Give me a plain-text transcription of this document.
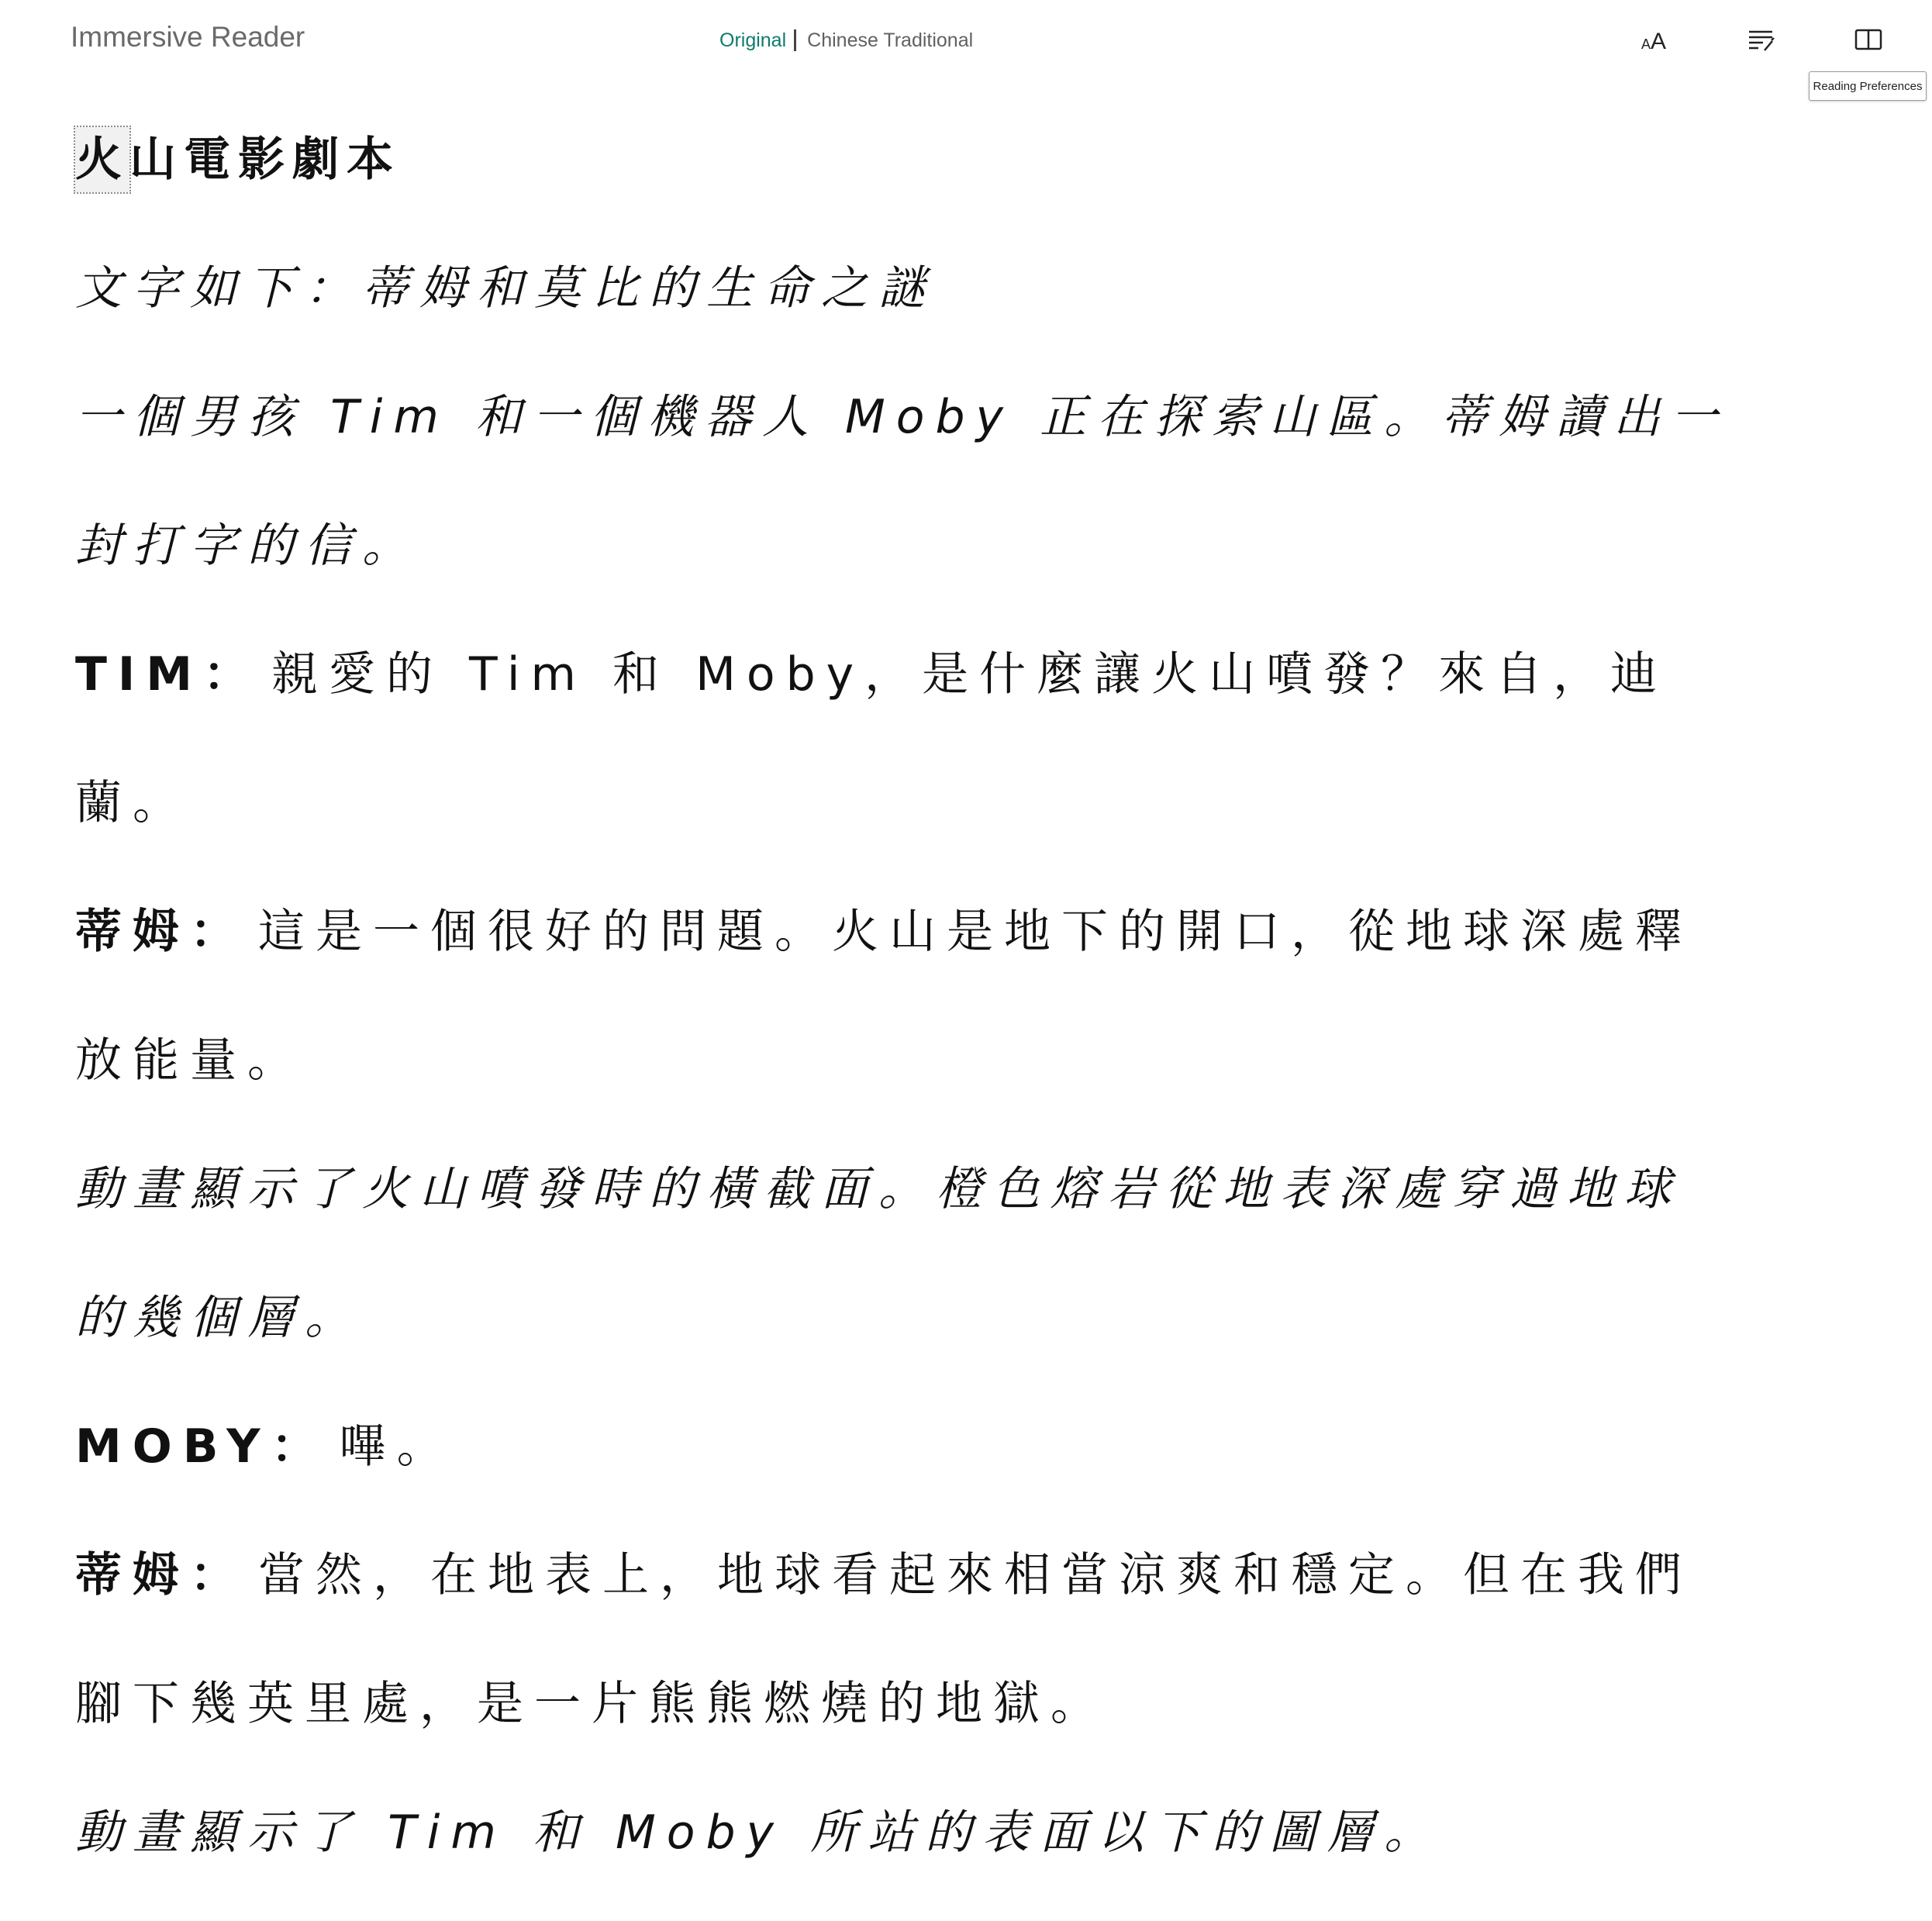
Immersive Reader	Original Chinese Traditional	A A
Reading Preferences
火山電影劇本
文字如下：蒂姆和莫比的生命之謎
一個男孩 Tim 和一個機器人 Moby 正在探索山區。蒂姆讀出一
封打字的信。
TIM： 親愛的 Tim 和 Moby，是什麼讓火山噴發？來自，迪
蘭。
蒂姆： 這是一個很好的問題。火山是地下的開口，從地球深處釋
放能量。
動畫顯示了火山噴發時的橫截面。橙色熔岩從地表深處穿過地球
的幾個層。
MOBY： 嗶。
蒂姆： 當然，在地表上，地球看起來相當涼爽和穩定。但在我們
腳下幾英里處，是一片熊熊燃燒的地獄。
動畫顯示了 Tim 和 Moby 所站的表面以下的圖層。
